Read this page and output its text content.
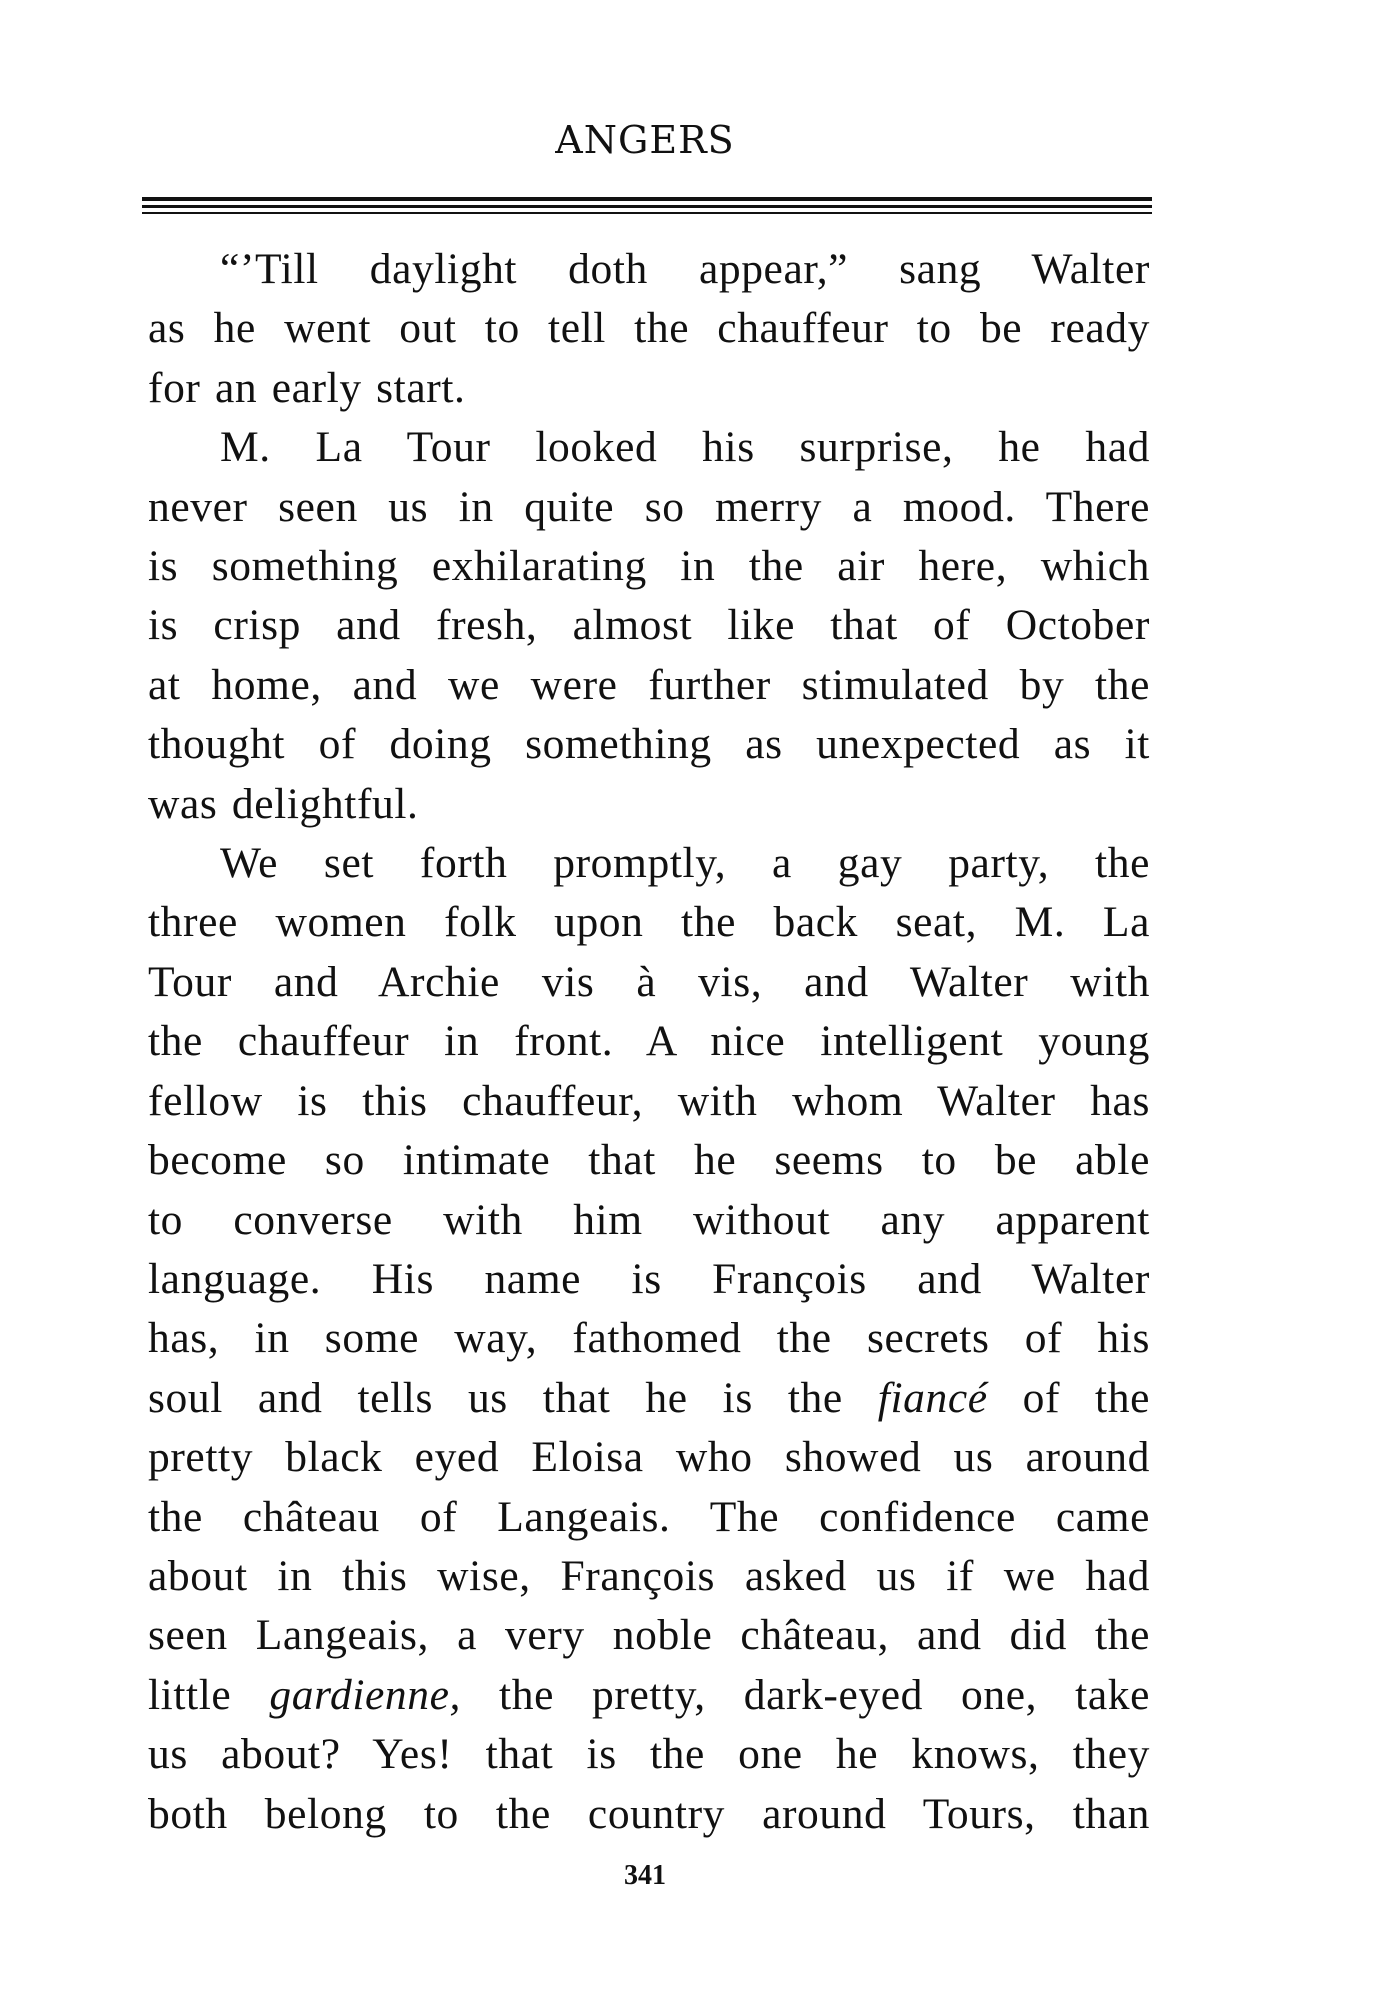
ANGERS
“’Till daylight doth appear,” sang Walter
as he went out to tell the chauffeur to be ready
for an early start.
M. La Tour looked his surprise, he had
never seen us in quite so merry a mood. There
is something exhilarating in the air here, which
is crisp and fresh, almost like that of October
at home, and we were further stimulated by the
thought of doing something as unexpected as it
was delightful.
We set forth promptly, a gay party, the
three women folk upon the back seat, M. La
Tour and Archie vis à vis, and Walter with
the chauffeur in front. A nice intelligent young
fellow is this chauffeur, with whom Walter has
become so intimate that he seems to be able
to converse with him without any apparent
language. His name is François and Walter
has, in some way, fathomed the secrets of his
soul and tells us that he is the fiancé of the
pretty black eyed Eloisa who showed us around
the château of Langeais. The confidence came
about in this wise, François asked us if we had
seen Langeais, a very noble château, and did the
little gardienne, the pretty, dark-eyed one, take
us about? Yes! that is the one he knows, they
both belong to the country around Tours, than
341
